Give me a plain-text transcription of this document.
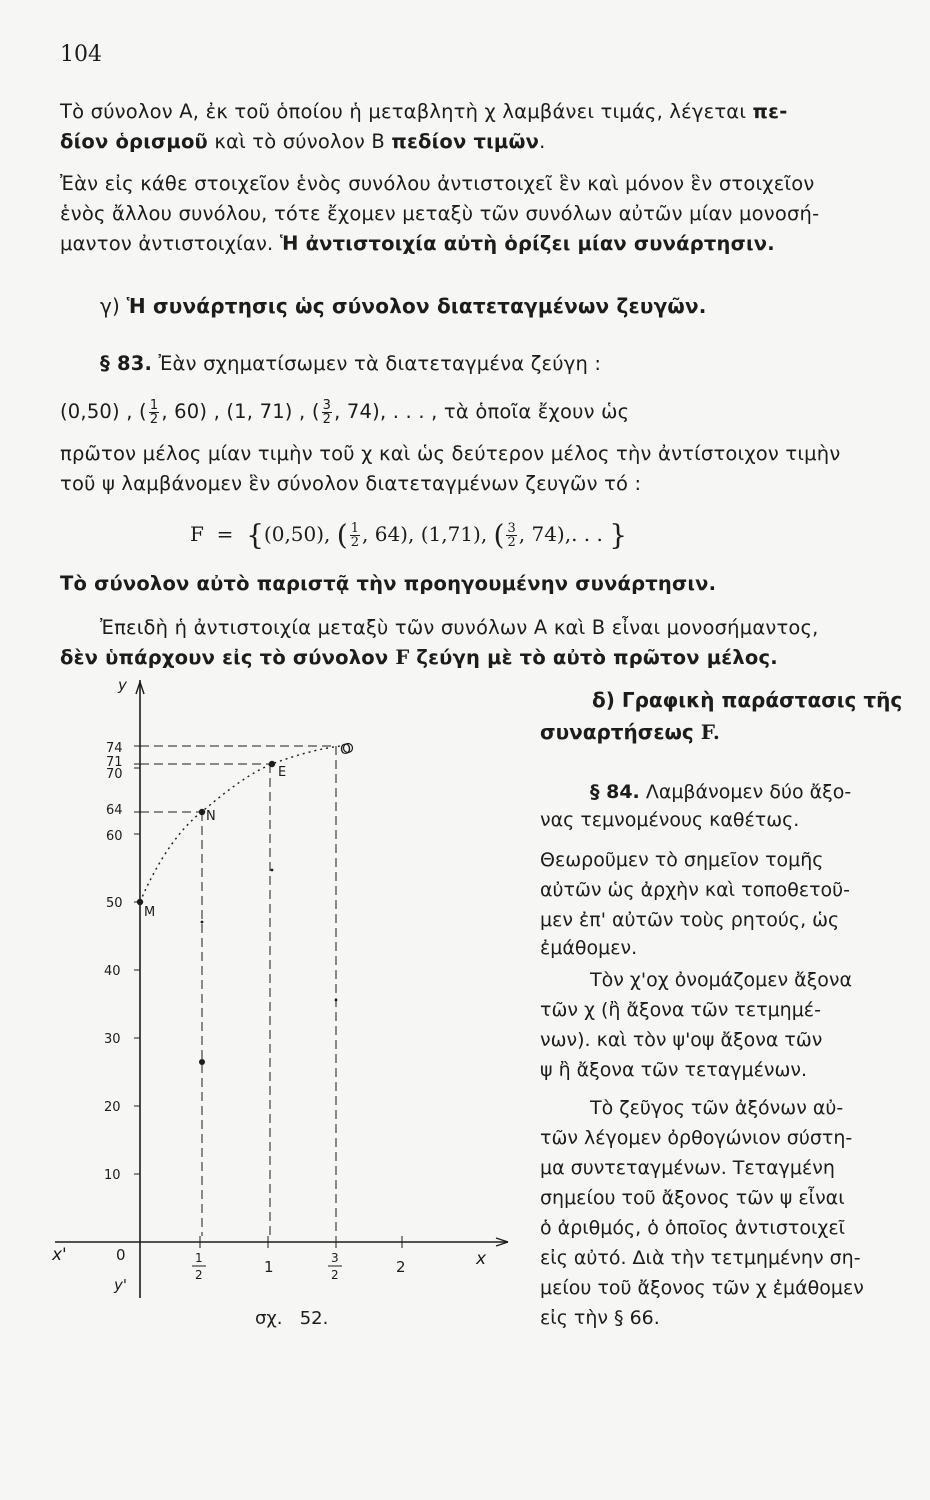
104
Τὸ σύνολον Α, ἐκ τοῦ ὁποίου ἡ μεταβλητὴ χ λαμβάνει τιμάς, λέγεται πε-
δίον ὁρισμοῦ καὶ τὸ σύνολον Β πεδίον τιμῶν.
Ἐὰν εἰς κάθε στοιχεῖον ἑνὸς συνόλου ἀντιστοιχεῖ ἓν καὶ μόνον ἓν στοιχεῖον
ἑνὸς ἄλλου συνόλου, τότε ἔχομεν μεταξὺ τῶν συνόλων αὐτῶν μίαν μονοσή-
μαντον ἀντιστοιχίαν. Ἡ ἀντιστοιχία αὐτὴ ὁρίζει μίαν συνάρτησιν.
γ) Ἡ συνάρτησις ὡς σύνολον διατεταγμένων ζευγῶν.
§ 83. Ἐὰν σχηματίσωμεν τὰ διατεταγμένα ζεύγη :
(0,50) , ( $\frac{1}{2}$ , 60) , (1, 71) , ( $\frac{3}{2}$ , 74), . . . , τὰ ὁποῖα ἔχουν ὡς
πρῶτον μέλος μίαν τιμὴν τοῦ χ καὶ ὡς δεύτερον μέλος τὴν ἀντίστοιχον τιμὴν
τοῦ ψ λαμβάνομεν ἓν σύνολον διατεταγμένων ζευγῶν τό :
F = {(0,50), ( $\frac{1}{2}$ , 64), (1,71), ( $\frac{3}{2}$ , 74),. . . }
Τὸ σύνολον αὐτὸ παριστᾷ τὴν προηγουμένην συνάρτησιν.
Ἐπειδὴ ἡ ἀντιστοιχία μεταξὺ τῶν συνόλων Α καὶ Β εἶναι μονοσήμαντος,
δὲν ὑπάρχουν εἰς τὸ σύνολον F ζεύγη μὲ τὸ αὐτὸ πρῶτον μέλος.
δ) Γραφικὴ παράστασις τῆς
συναρτήσεως F.
§ 84. Λαμβάνομεν δύο ἄξο-
νας τεμνομένους καθέτως.
Θεωροῦμεν τὸ σημεῖον τομῆς
αὐτῶν ὡς ἀρχὴν καὶ τοποθετοῦ-
μεν ἐπ' αὐτῶν τοὺς ρητούς, ὡς
ἐμάθομεν.
Τὸν χ'οχ ὀνομάζομεν ἄξονα
τῶν χ (ἢ ἄξονα τῶν τετμημέ-
νων). καὶ τὸν ψ'οψ ἄξονα τῶν
ψ ἢ ἄξονα τῶν τεταγμένων.
Τὸ ζεῦγος τῶν ἀξόνων αὐ-
τῶν λέγομεν ὀρθογώνιον σύστη-
μα συντεταγμένων. Τεταγμένη
σημείου τοῦ ἄξονος τῶν ψ εἶναι
ὁ ἀριθμός, ὁ ὁποῖος ἀντιστοιχεῖ
εἰς αὐτό. Διὰ τὴν τετμημένην ση-
μείου τοῦ ἄξονος τῶν χ ἐμάθομεν
εἰς τὴν § 66.
y
y'
x
x'	0
74
71
70
64
60
50
40
30
20
10
1	2
1
2
3
2
M
N
E
O
σχ.   52.
